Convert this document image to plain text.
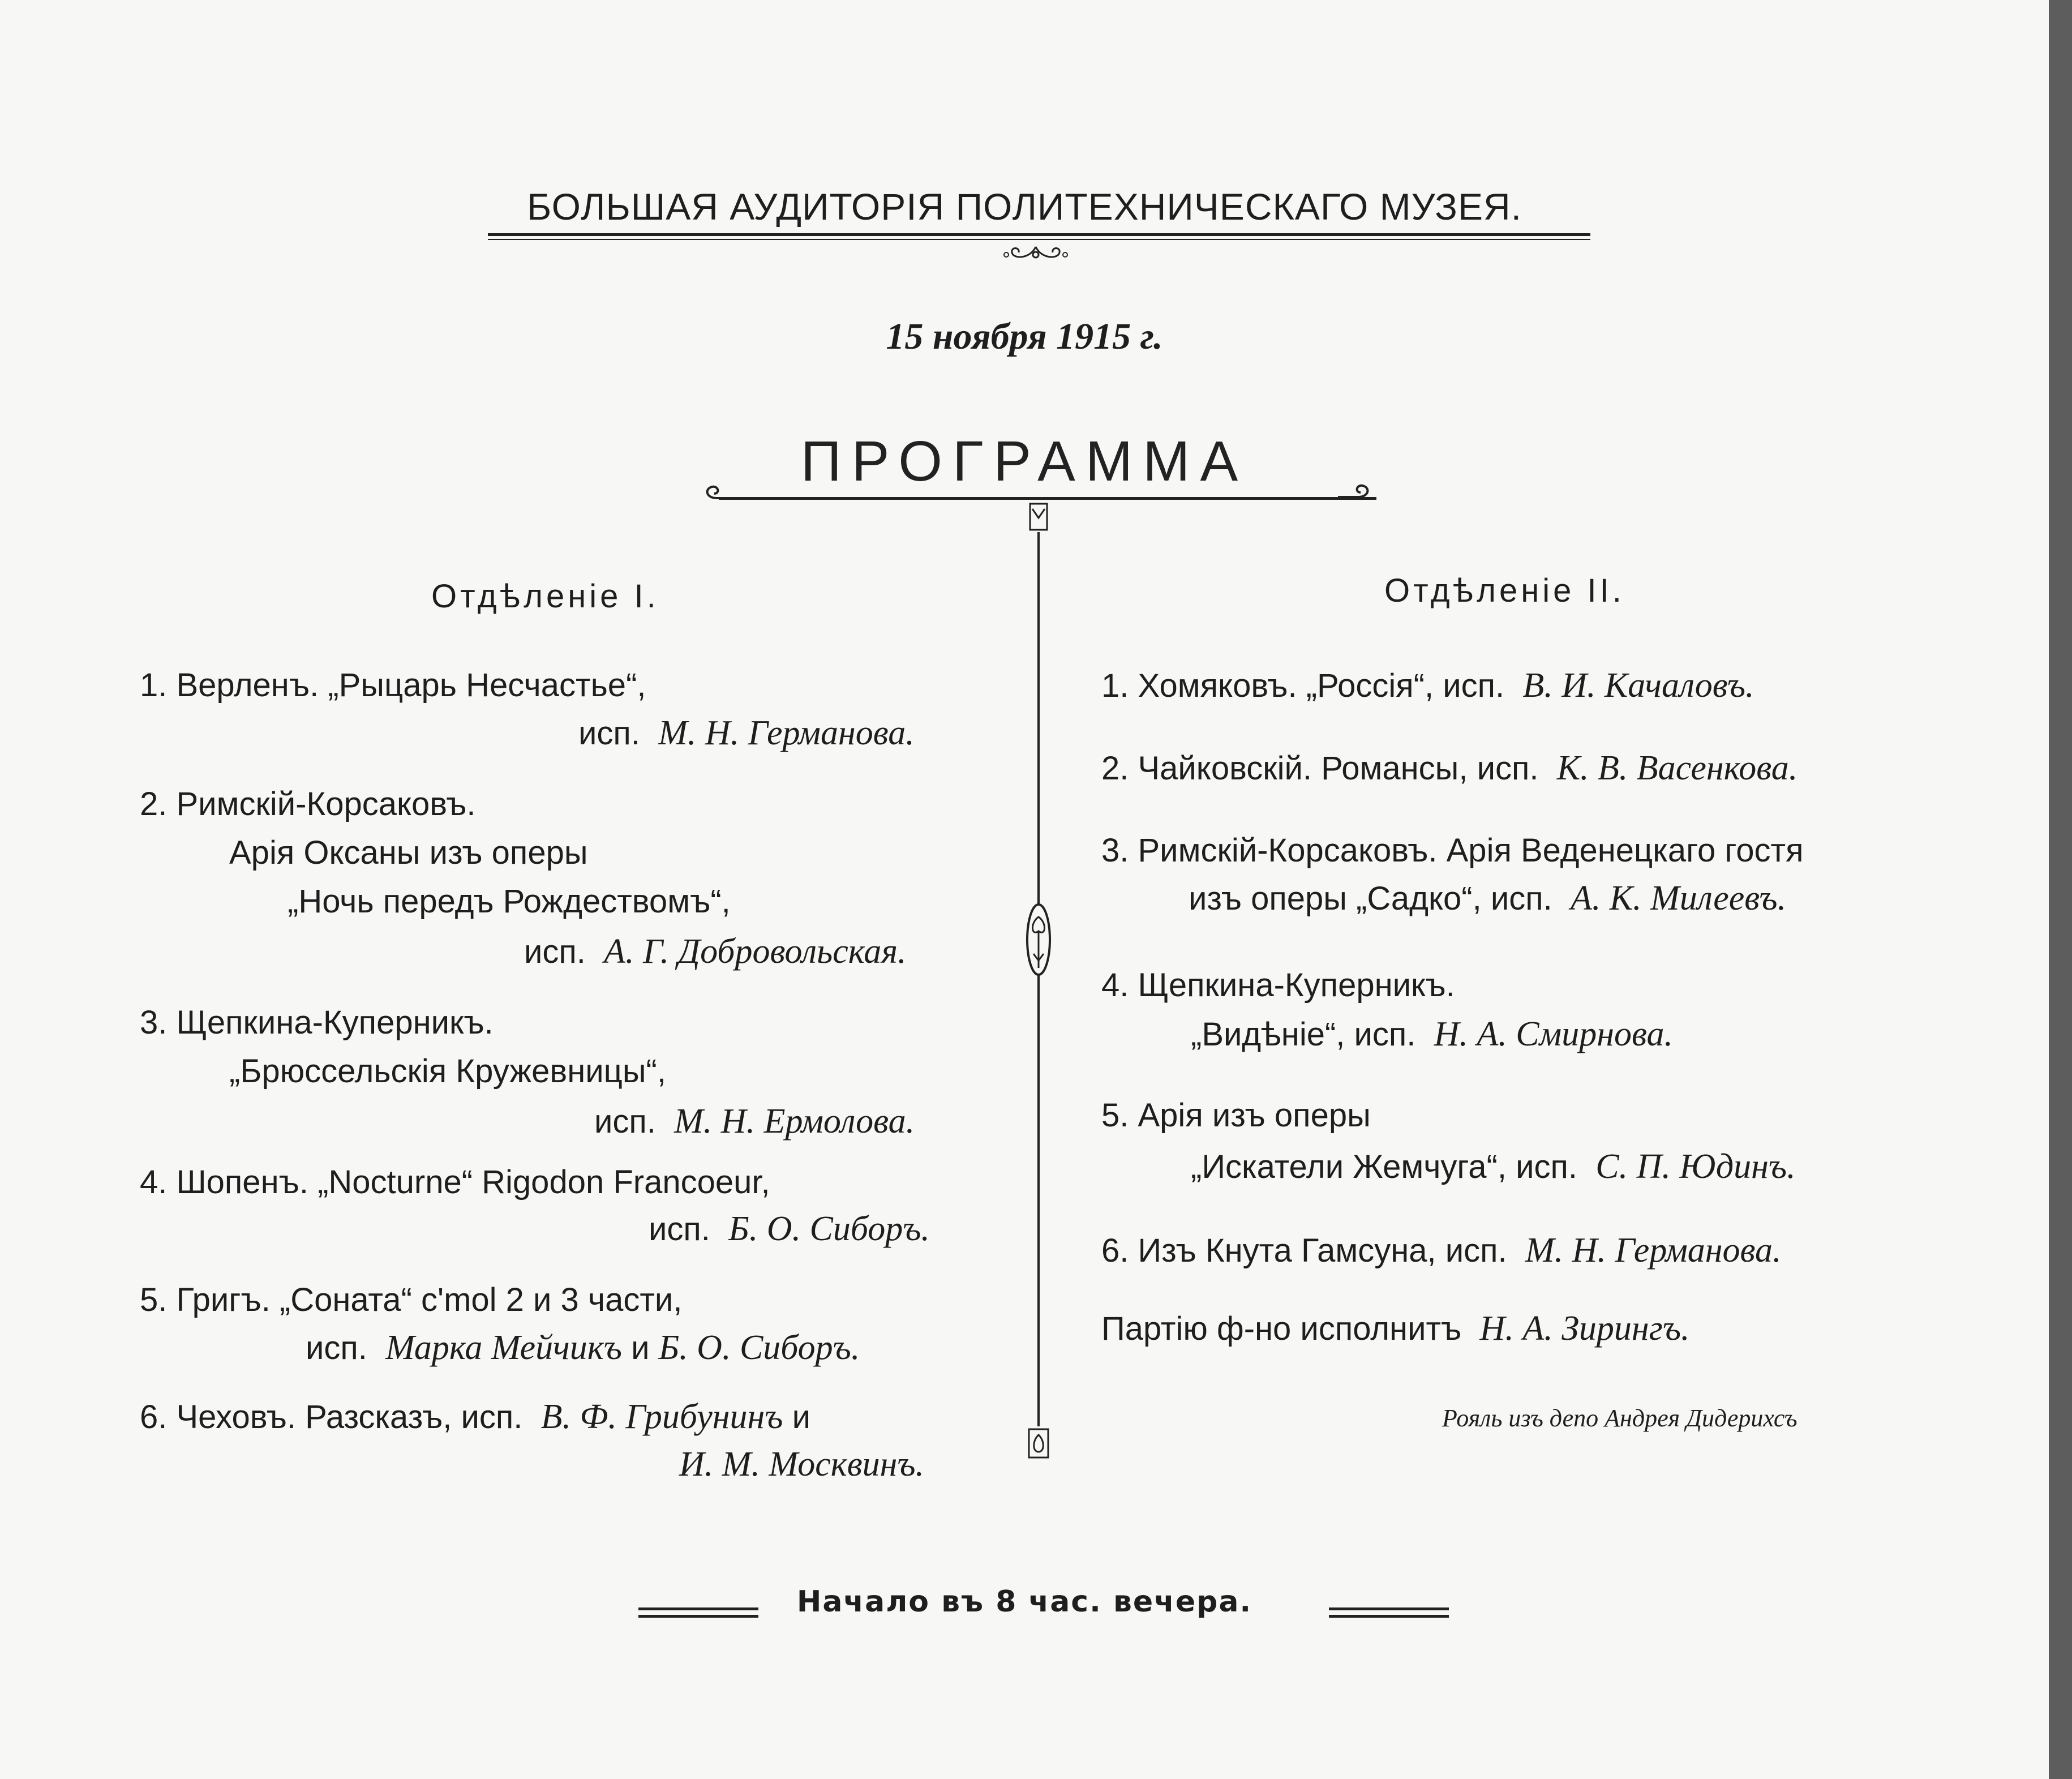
БОЛЬШАЯ АУДИТОРІЯ ПОЛИТЕХНИЧЕСКАГО МУЗЕЯ.
15 ноября 1915 г.
ПРОГРАММА
Отдѣленіе I.
1. Верленъ. „Рыцарь Несчастье“,
исп. М. Н. Германова.
2. Римскій-Корсаковъ.
Арія Оксаны изъ оперы
„Ночь передъ Рождествомъ“,
исп. А. Г. Добровольская.
3. Щепкина-Куперникъ.
„Брюссельскія Кружевницы“,
исп. М. Н. Ермолова.
4. Шопенъ. „Nocturne“ Rigodon Francoeur,
исп. Б. О. Сиборъ.
5. Григъ. „Соната“ c'mol 2 и 3 части,
исп. Марка Мейчикъ и Б. О. Сиборъ.
6. Чеховъ. Разсказъ, исп. В. Ф. Грибунинъ и
И. М. Москвинъ.
Отдѣленіе II.
1. Хомяковъ. „Россія“, исп. В. И. Качаловъ.
2. Чайковскій. Романсы, исп. К. В. Васенкова.
3. Римскій-Корсаковъ. Арія Веденецкаго гостя
изъ оперы „Садко“, исп. А. К. Милеевъ.
4. Щепкина-Куперникъ.
„Видѣніе“, исп. Н. А. Смирнова.
5. Арія изъ оперы
„Искатели Жемчуга“, исп. С. П. Юдинъ.
6. Изъ Кнута Гамсуна, исп. М. Н. Германова.
Партію ф-но исполнитъ Н. А. Зирингъ.
Рояль изъ депо Андрея Дидерихсъ
Начало въ 8 час. вечера.
